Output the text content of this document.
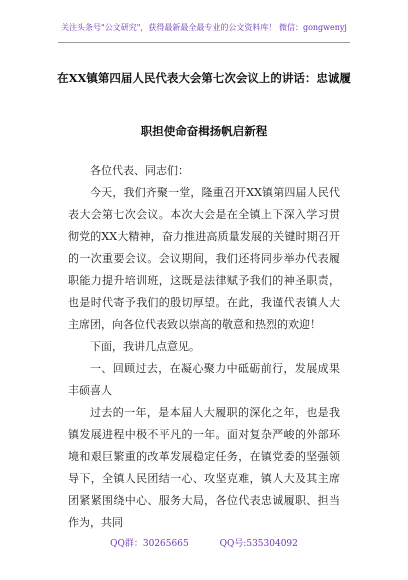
关注头条号"公文研究"，获得最新最全最专业的公文资料库！ 微信：gongwenyj
在XX镇第四届人民代表大会第七次会议上的讲话：忠诚履
职担使命奋楫扬帆启新程

各位代表、同志们：

今天，我们齐聚一堂，隆重召开XX镇第四届人民代表大会第七次会议。本次大会是在全镇上下深入学习贯彻党的XX大精神，奋力推进高质量发展的关键时期召开的一次重要会议。会议期间，我们还将同步举办代表履职能力提升培训班，这既是法律赋予我们的神圣职责，也是时代寄予我们的殷切厚望。在此，我谨代表镇人大主席团，向各位代表致以崇高的敬意和热烈的欢迎！

下面，我讲几点意见。

一、回顾过去，在凝心聚力中砥砺前行，发展成果丰硕喜人

过去的一年，是本届人大履职的深化之年，也是我镇发展进程中极不平凡的一年。面对复杂严峻的外部环境和艰巨繁重的改革发展稳定任务，在镇党委的坚强领导下，全镇人民团结一心、攻坚克难，镇人大及其主席团紧紧围绕中心、服务大局，各位代表忠诚履职、担当作为，共同

QQ群：30265665	QQ号:535304092
